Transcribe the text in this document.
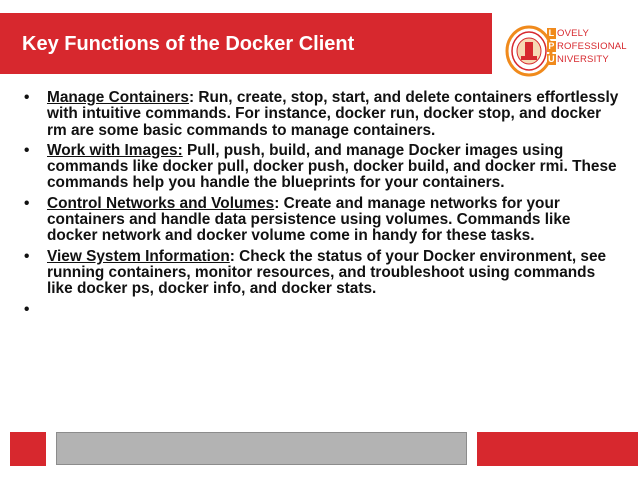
Key Functions of the Docker Client	L OVELY
P ROFESSIONAL
U NIVERSITY
• Manage Containers: Run, create, stop, start, and delete containers effortlessly with intuitive commands. For instance, docker run, docker stop, and docker rm are some basic commands to manage containers.
• Work with Images: Pull, push, build, and manage Docker images using commands like docker pull, docker push, docker build, and docker rmi. These commands help you handle the blueprints for your containers.
• Control Networks and Volumes: Create and manage networks for your containers and handle data persistence using volumes. Commands like docker network and docker volume come in handy for these tasks.
• View System Information: Check the status of your Docker environment, see running containers, monitor resources, and troubleshoot using commands like docker ps, docker info, and docker stats.
•
